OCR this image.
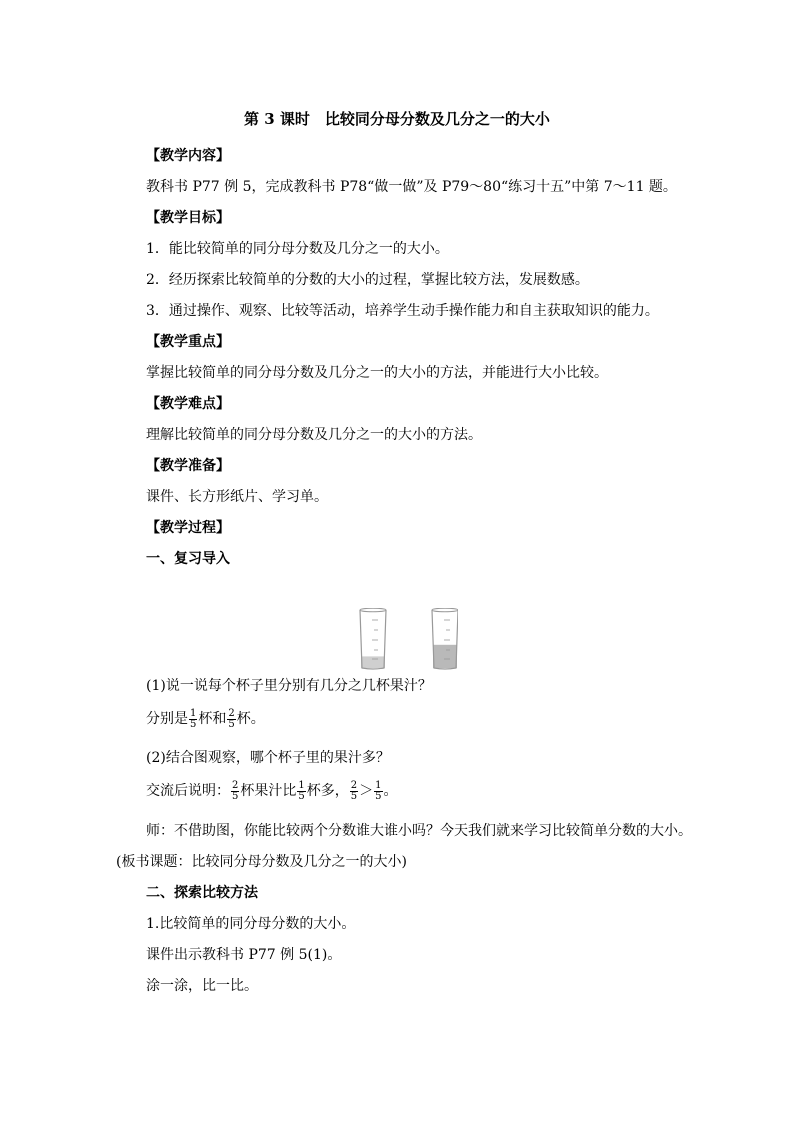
第 3 课时　比较同分母分数及几分之一的大小
【教学内容】
教科书 P77 例 5，完成教科书 P78“做一做”及 P79～80“练习十五”中第 7～11 题。
【教学目标】
1．能比较简单的同分母分数及几分之一的大小。
2．经历探索比较简单的分数的大小的过程，掌握比较方法，发展数感。
3．通过操作、观察、比较等活动，培养学生动手操作能力和自主获取知识的能力。
【教学重点】
掌握比较简单的同分母分数及几分之一的大小的方法，并能进行大小比较。
【教学难点】
理解比较简单的同分母分数及几分之一的大小的方法。
【教学准备】
课件、长方形纸片、学习单。
【教学过程】
一、复习导入
(1)说一说每个杯子里分别有几分之几杯果汁？
分别是 $\frac{1}{5}$ 杯和 $\frac{2}{5}$ 杯。
(2)结合图观察，哪个杯子里的果汁多？
交流后说明： $\frac{2}{5}$ 杯果汁比 $\frac{1}{5}$ 杯多， $\frac{2}{5} > \frac{1}{5}$ 。
师：不借助图，你能比较两个分数谁大谁小吗？今天我们就来学习比较简单分数的大小。
(板书课题：比较同分母分数及几分之一的大小)
二、探索比较方法
1.比较简单的同分母分数的大小。
课件出示教科书 P77 例 5(1)。
涂一涂，比一比。
